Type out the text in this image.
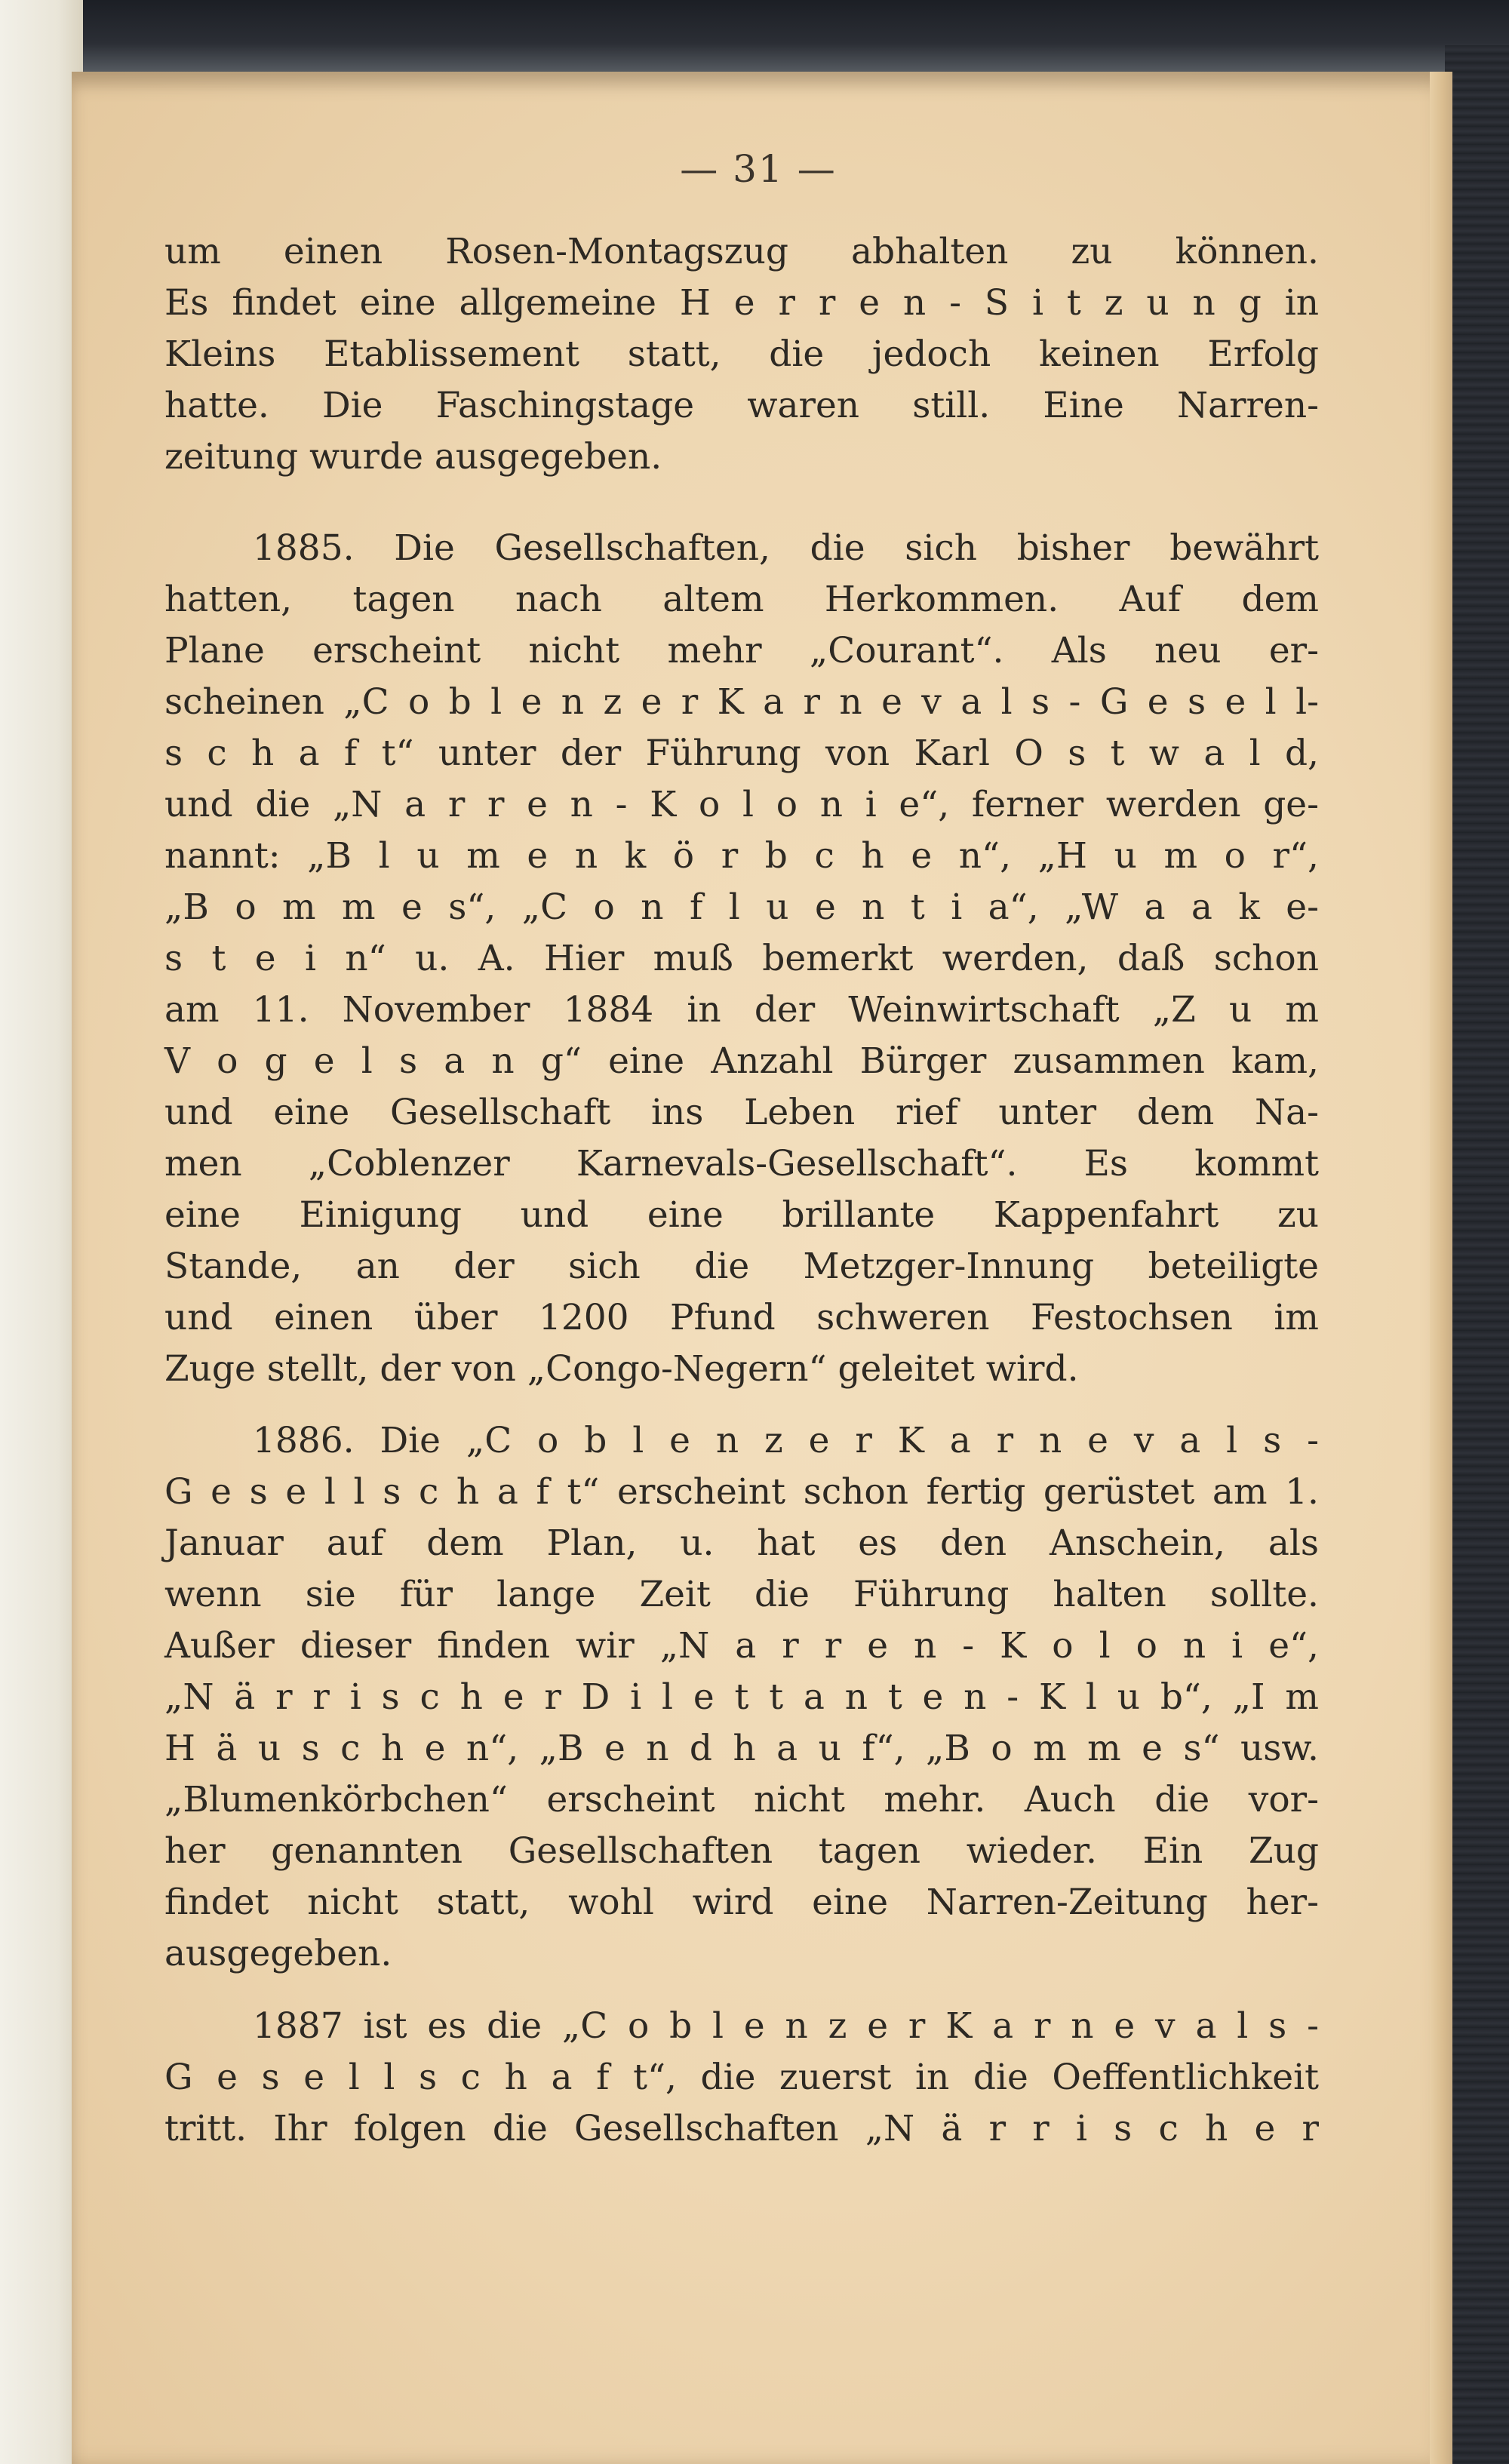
— 31 —
um einen Rosen-Montagszug abhalten zu können.
Es findet eine allgemeine H e r r e n - S i t z u n g in
Kleins Etablissement statt, die jedoch keinen Erfolg
hatte. Die Faschingstage waren still. Eine Narren-
zeitung wurde ausgegeben.
1885. Die Gesellschaften, die sich bisher bewährt
hatten, tagen nach altem Herkommen. Auf dem
Plane erscheint nicht mehr „Courant“. Als neu er-
scheinen „C o b l e n z e r K a r n e v a l s - G e s e l l-
s c h a f t“ unter der Führung von Karl O s t w a l d,
und die „N a r r e n - K o l o n i e“, ferner werden ge-
nannt: „B l u m e n k ö r b c h e n“, „H u m o r“,
„B o m m e s“, „C o n f l u e n t i a“, „W a a k e-
s t e i n“ u. A. Hier muß bemerkt werden, daß schon
am 11. November 1884 in der Weinwirtschaft „Z u m
V o g e l s a n g“ eine Anzahl Bürger zusammen kam,
und eine Gesellschaft ins Leben rief unter dem Na-
men „Coblenzer Karnevals-Gesellschaft“. Es kommt
eine Einigung und eine brillante Kappenfahrt zu
Stande, an der sich die Metzger-Innung beteiligte
und einen über 1200 Pfund schweren Festochsen im
Zuge stellt, der von „Congo-Negern“ geleitet wird.
1886. Die „C o b l e n z e r K a r n e v a l s -
G e s e l l s c h a f t“ erscheint schon fertig gerüstet am 1.
Januar auf dem Plan, u. hat es den Anschein, als
wenn sie für lange Zeit die Führung halten sollte.
Außer dieser finden wir „N a r r e n - K o l o n i e“,
„N ä r r i s c h e r D i l e t t a n t e n - K l u b“, „I m
H ä u s c h e n“, „B e n d h a u f“, „B o m m e s“ usw.
„Blumenkörbchen“ erscheint nicht mehr. Auch die vor-
her genannten Gesellschaften tagen wieder. Ein Zug
findet nicht statt, wohl wird eine Narren-Zeitung her-
ausgegeben.
1887 ist es die „C o b l e n z e r K a r n e v a l s -
G e s e l l s c h a f t“, die zuerst in die Oeffentlichkeit
tritt. Ihr folgen die Gesellschaften „N ä r r i s c h e r
